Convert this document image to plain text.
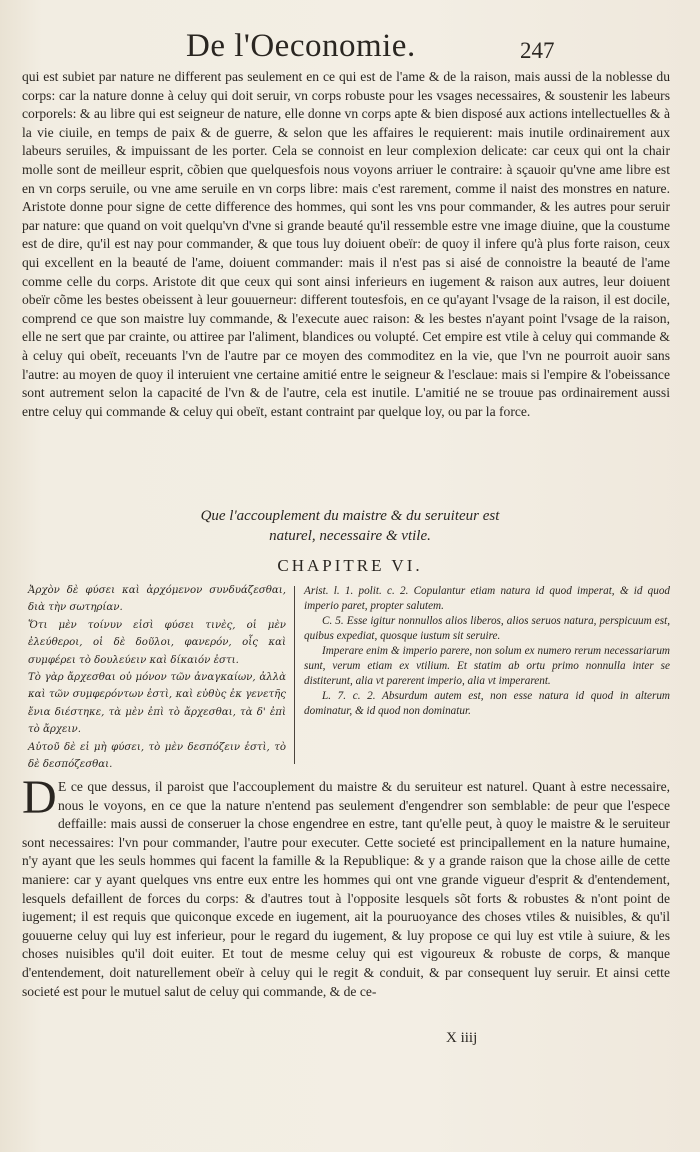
De l'Oeconomie.	247

qui est subiet par nature ne different pas seulement en ce qui est de l'ame & de la raison, mais aussi de la noblesse du corps: car la nature donne à celuy qui doit seruir, vn corps robuste pour les vsages necessaires, & soustenir les labeurs corporels: & au libre qui est seigneur de nature, elle donne vn corps apte & bien disposé aux actions intellectuelles & à la vie ciuile, en temps de paix & de guerre, & selon que les affaires le requierent: mais inutile ordinairement aux labeurs seruiles, & impuissant de les porter. Cela se connoist en leur complexion delicate: car ceux qui ont la chair molle sont de meilleur esprit, cõbien que quelquesfois nous voyons arriuer le contraire: à sçauoir qu'vne ame libre est en vn corps seruile, ou vne ame seruile en vn corps libre: mais c'est rarement, comme il naist des monstres en nature. Aristote donne pour signe de cette difference des hommes, qui sont les vns pour commander, & les autres pour seruir par nature: que quand on voit quelqu'vn d'vne si grande beauté qu'il ressemble estre vne image diuine, que la coustume est de dire, qu'il est nay pour commander, & que tous luy doiuent obeïr: de quoy il infere qu'à plus forte raison, ceux qui excellent en la beauté de l'ame, doiuent commander: mais il n'est pas si aisé de connoistre la beauté de l'ame comme celle du corps. Aristote dit que ceux qui sont ainsi inferieurs en iugement & raison aux autres, leur doiuent obeïr cõme les bestes obeissent à leur gouuerneur: different toutesfois, en ce qu'ayant l'vsage de la raison, il est docile, comprend ce que son maistre luy commande, & l'execute auec raison: & les bestes n'ayant point l'vsage de la raison, elle ne sert que par crainte, ou attiree par l'aliment, blandices ou volupté. Cet empire est vtile à celuy qui commande & à celuy qui obeït, receuants l'vn de l'autre par ce moyen des commoditez en la vie, que l'vn ne pourroit auoir sans l'autre: au moyen de quoy il interuient vne certaine amitié entre le seigneur & l'esclaue: mais si l'empire & l'obeissance sont autrement selon la capacité de l'vn & de l'autre, cela est inutile. L'amitié ne se trouue pas ordinairement aussi entre celuy qui commande & celuy qui obeït, estant contraint par quelque loy, ou par la force.

Que l'accouplement du maistre & du seruiteur est
naturel, necessaire & vtile.
CHAPITRE VI.

Ἀρχὸν δὲ φύσει καὶ ἀρχόμενον συνδυάζεσθαι, διὰ τὴν σωτηρίαν.

Ὅτι μὲν τοίνυν εἰσὶ φύσει τινὲς, οἱ μὲν ἐλεύθεροι, οἱ δὲ δοῦλοι, φανερόν, οἷς καὶ συμφέρει τὸ δουλεύειν καὶ δίκαιόν ἐστι.

Τὸ γὰρ ἄρχεσθαι οὐ μόνον τῶν ἀναγκαίων, ἀλλὰ καὶ τῶν συμφερόντων ἐστὶ, καὶ εὐθὺς ἐκ γενετῆς ἔνια διέστηκε, τὰ μὲν ἐπὶ τὸ ἄρχεσθαι, τὰ δ' ἐπὶ τὸ ἄρχειν.

Αὐτοῦ δὲ εἰ μὴ φύσει, τὸ μὲν δεσπόζειν ἐστὶ, τὸ δὲ δεσπόζεσθαι.

Arist. l. 1. polit. c. 2. Copulantur etiam natura id quod imperat, & id quod imperio paret, propter salutem.

C. 5. Esse igitur nonnullos alios liberos, alios seruos natura, perspicuum est, quibus expediat, quosque iustum sit seruire.

Imperare enim & imperio parere, non solum ex numero rerum necessariarum sunt, verum etiam ex vtilium. Et statim ab ortu primo nonnulla inter se distiterunt, alia vt parerent imperio, alia vt imperarent.

L. 7. c. 2. Absurdum autem est, non esse natura id quod in alterum dominatur, & id quod non dominatur.

D E ce que dessus, il paroist que l'accouplement du maistre & du seruiteur est naturel. Quant à estre necessaire, nous le voyons, en ce que la nature n'entend pas seulement d'engendrer son semblable: de peur que l'espece deffaille: mais aussi de conseruer la chose engendree en estre, tant qu'elle peut, à quoy le maistre & le seruiteur sont necessaires: l'vn pour commander, l'autre pour executer. Cette societé est principallement en la nature humaine, n'y ayant que les seuls hommes qui facent la famille & la Republique: & y a grande raison que la chose aille de cette maniere: car y ayant quelques vns entre eux entre les hommes qui ont vne grande vigueur d'esprit & d'entendement, lesquels defaillent de forces du corps: & d'autres tout à l'opposite lesquels sõt forts & robustes & n'ont point de iugement; il est requis que quiconque excede en iugement, ait la pouruoyance des choses vtiles & nuisibles, & qu'il gouuerne celuy qui luy est inferieur, pour le regard du iugement, & luy propose ce qui luy est vtile à suiure, & les choses nuisibles qu'il doit euiter. Et tout de mesme celuy qui est vigoureux & robuste de corps, & manque d'entendement, doit naturellement obeïr à celuy qui le regit & conduit, & par consequent luy seruir. Et ainsi cette societé est pour le mutuel salut de celuy qui commande, & de ce-

X iiij
